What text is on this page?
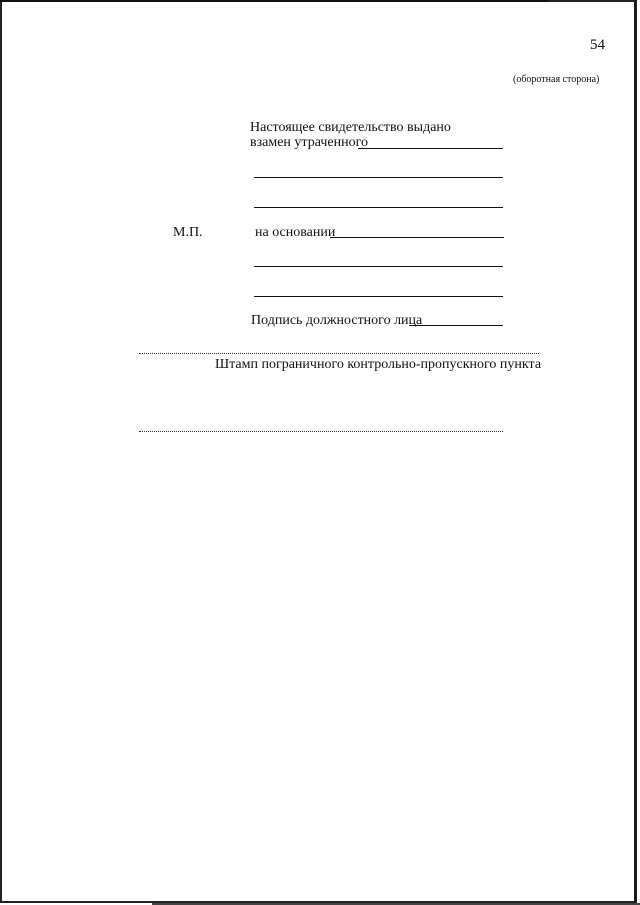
54
(оборотная сторона)
Настоящее свидетельство выдано
взамен утраченного
М.П.	на основании
Подпись должностного лица
Штамп пограничного контрольно-пропускного пункта
